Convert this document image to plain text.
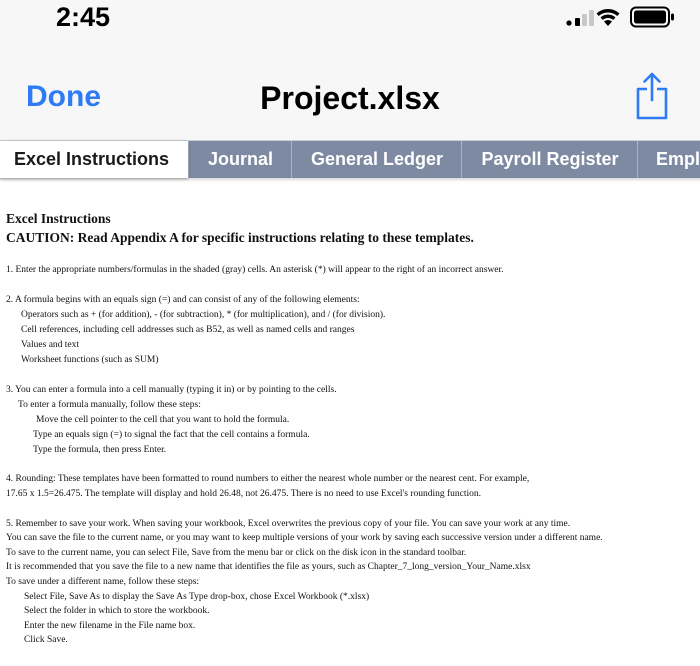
2:45
Done	Project.xlsx
Excel Instructions	Journal	General Ledger	Payroll Register	Empl
Excel Instructions
CAUTION: Read Appendix A for specific instructions relating to these templates.
1. Enter the appropriate numbers/formulas in the shaded (gray) cells. An asterisk (*) will appear to the right of an incorrect answer.
2. A formula begins with an equals sign (=) and can consist of any of the following elements:
Operators such as + (for addition), - (for subtraction), * (for multiplication), and / (for division).
Cell references, including cell addresses such as B52, as well as named cells and ranges
Values and text
Worksheet functions (such as SUM)
3. You can enter a formula into a cell manually (typing it in) or by pointing to the cells.
To enter a formula manually, follow these steps:
Move the cell pointer to the cell that you want to hold the formula.
Type an equals sign (=) to signal the fact that the cell contains a formula.
Type the formula, then press Enter.
4. Rounding: These templates have been formatted to round numbers to either the nearest whole number or the nearest cent. For example,
17.65 x 1.5=26.475. The template will display and hold 26.48, not 26.475. There is no need to use Excel's rounding function.
5. Remember to save your work. When saving your workbook, Excel overwrites the previous copy of your file. You can save your work at any time.
You can save the file to the current name, or you may want to keep multiple versions of your work by saving each successive version under a different name.
To save to the current name, you can select File, Save from the menu bar or click on the disk icon in the standard toolbar.
It is recommended that you save the file to a new name that identifies the file as yours, such as Chapter_7_long_version_Your_Name.xlsx
To save under a different name, follow these steps:
Select File, Save As to display the Save As Type drop-box, chose Excel Workbook (*.xlsx)
Select the folder in which to store the workbook.
Enter the new filename in the File name box.
Click Save.
